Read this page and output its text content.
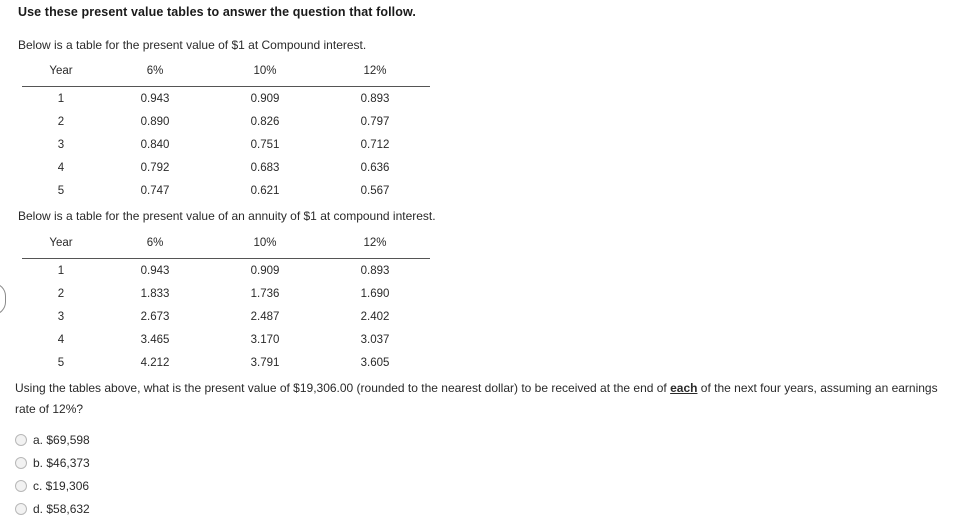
Use these present value tables to answer the question that follow.
Below is a table for the present value of $1 at Compound interest.
Year	6%	10%	12%
1	0.943	0.909	0.893
2	0.890	0.826	0.797
3	0.840	0.751	0.712
4	0.792	0.683	0.636
5	0.747	0.621	0.567
Below is a table for the present value of an annuity of $1 at compound interest.
Year	6%	10%	12%
1	0.943	0.909	0.893
2	1.833	1.736	1.690
3	2.673	2.487	2.402
4	3.465	3.170	3.037
5	4.212	3.791	3.605
Using the tables above, what is the present value of $19,306.00 (rounded to the nearest dollar) to be received at the end of each of the next four years, assuming an earnings rate of 12%?
a. $69,598
b. $46,373
c. $19,306
d. $58,632
